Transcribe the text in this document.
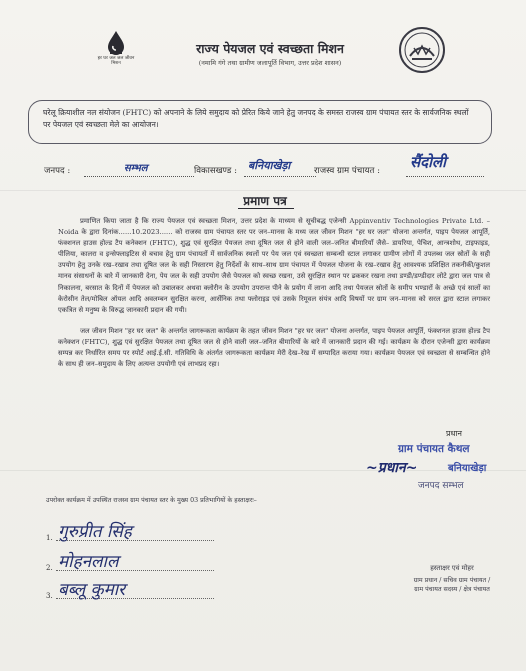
हर घर जल जल जीवन मिशन
राज्य पेयजल एवं स्वच्छता मिशन
(नमामि गंगे तथा ग्रामीण जलापूर्ति विभाग, उत्तर प्रदेश शासन)
घरेलू क्रियाशील नल संयोजन (FHTC) को अपनाने के लिये समुदाय को प्रेरित किये जाने हेतु जनपद के समस्त राजस्व ग्राम पंचायत स्तर के सार्वजनिक स्थलों पर पेयजल एवं स्वच्छता मेले का आयोजन।
जनपद :	सम्भल	विकासखण्ड : बनियाखेड़ा	राजस्व ग्राम पंचायत : सैंदोली
प्रमाण पत्र

प्रमाणित किया जाता है कि राज्य पेयजल एवं स्वच्छता मिशन, उत्तर प्रदेश के माध्यम से सूचीबद्ध एजेन्सी Appinventiv Technologies Private Ltd. – Noida के द्वारा दिनांक......10.2023...... को राजस्व ग्राम पंचायत स्तर पर जन–मानस के मध्य जल जीवन मिशन "हर घर जल" योजना अन्तर्गत, पाइप पेयजल आपूर्ति, फंक्शनल हाउस होल्ड टैप कनेक्शन (FHTC), शुद्ध एवं सुरक्षित पेयजल तथा दूषित जल से होने वाली जल–जनित बीमारियाँ जैसे– डायरिया, पेचिश, आन्त्रशोथ, टाइफाइड, पीलिया, कालरा व इन्सेफ्लाइटिस से बचाव हेतु ग्राम पंचायतों में सार्वजनिक स्थलों पर पेय जल एवं स्वच्छता सम्बन्धी स्टाल लगाकर ग्रामीण लोगों में उपलब्ध जल स्रोतों के सही उपयोग हेतु उनके रख–रखाव तथा दूषित जल के सही निस्तारण हेतु निर्देशों के साथ–साथ ग्राम पंचायत में पेयजल योजना के रख–रखाव हेतु आवश्यक प्रशिक्षित तकनीकी/कुशल मानव संसाधनों के बारे में जानकारी देना, पेय जल के सही उपयोग जैसे पेयजल को स्वच्छ रखना, उसे सुरक्षित स्थान पर ढककर रखना तथा डण्डी/डण्डीदार लोटे द्वारा जल पात्र से निकालना, बरसात के दिनों में पेयजल को उबालकर अथवा क्लोरीन के उपयोग उपरान्त पीने के प्रयोग में लाना आदि तथा पेयजल स्रोतों के समीप भण्डारों के अच्छे एवं सालों का केरोसीन तेल/मोबिल ऑयल आदि अवलम्बन सुरक्षित करना, आर्सेनिक तथा फ्लोराइड एवं उसके रिमूवल संयंत्र आदि विषयों पर ग्राम जन–मानस को सरल द्वारा स्टाल लगाकर एकत्रित से मनुष्य के विरुद्ध जानकारी प्रदान की गयी।

जल जीवन मिशन "हर घर जल" के अन्तर्गत जागरूकता कार्यक्रम के तहत जीवन मिशन "हर घर जल" योजना अन्तर्गत, पाइप पेयजल आपूर्ति, फंक्शनल हाउस होल्ड टैप कनेक्शन (FHTC), शुद्ध एवं सुरक्षित पेयजल तथा दूषित जल से होने वाली जल–जनित बीमारियों के बारे में जानकारी प्रदान की गई। कार्यक्रम के दौरान एजेन्सी द्वारा कार्यक्रम सम्पन्न कर निर्धारित समय पर स्पोर्ट आई.ई.सी. गतिविधि के अंतर्गत जागरूकता कार्यक्रम मेरी देख–रेख में सम्पादित कराया गया। कार्यक्रम पेयजल एवं स्वच्छता से सम्बन्धित होने के साथ ही जन–समुदाय के लिए अत्यन्त उपयोगी एवं लाभप्रद रहा।

प्रधान
ग्राम पंचायत कैथल
~प्रधान~	बनियाखेड़ा
जनपद सम्भल
उपरोक्त कार्यक्रम में उपस्थित राजस्व ग्राम पंचायत स्तर के मुख्य 03 प्रतिभागियों के हस्ताक्षरः–
1. गुरुप्रीत सिंह
2. मोहनलाल
3. बब्लू कुमार
हस्ताक्षर एवं मोहर
ग्राम प्रधान / सचिव ग्राम पंचायत /
ग्राम पंचायत सदस्य / क्षेत्र पंचायत
